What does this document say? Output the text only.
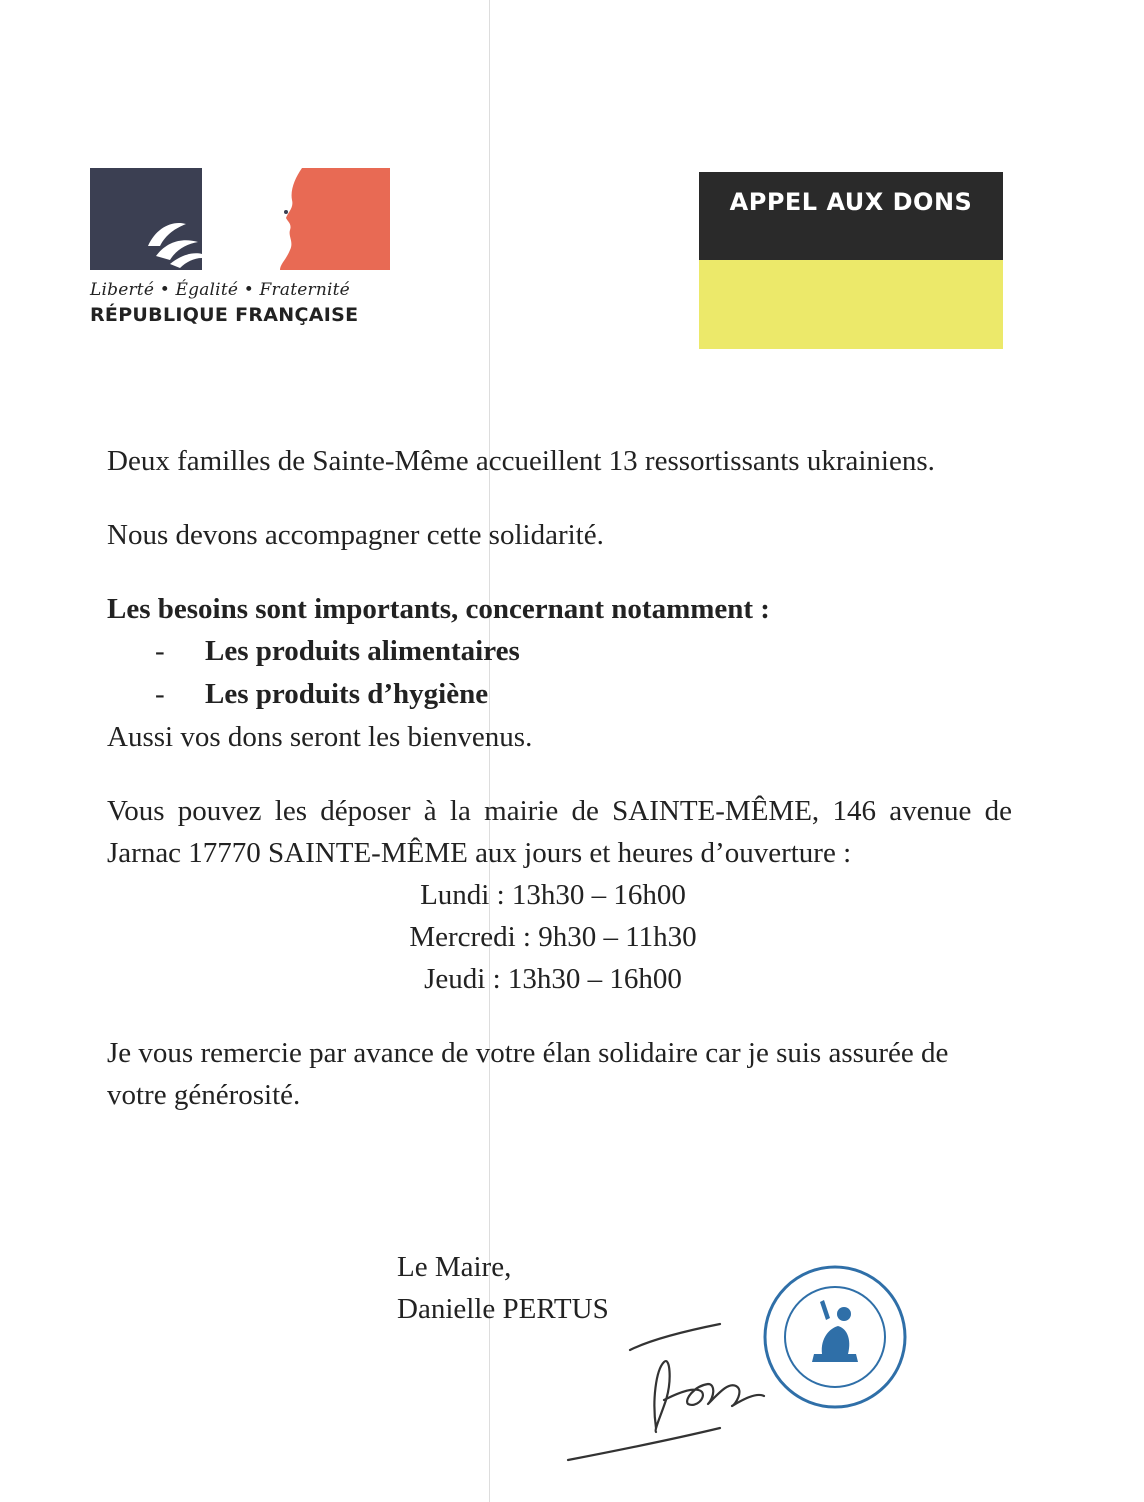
Liberté • Égalité • Fraternité
RÉPUBLIQUE FRANÇAISE
APPEL AUX DONS

Deux familles de Sainte-Même accueillent 13 ressortissants ukrainiens.

Nous devons accompagner cette solidarité.

Les besoins sont importants, concernant notamment :

- Les produits alimentaires
- Les produits d’hygiène

Aussi vos dons seront les bienvenus.

Vous pouvez les déposer à la mairie de SAINTE-MÊME, 146 avenue de Jarnac 17770 SAINTE-MÊME aux jours et heures d’ouverture :

Lundi : 13h30 – 16h00

Mercredi : 9h30 – 11h30

Jeudi : 13h30 – 16h00

Je vous remercie par avance de votre élan solidaire car je suis assurée de votre générosité.

Le Maire,

Danielle PERTUS
